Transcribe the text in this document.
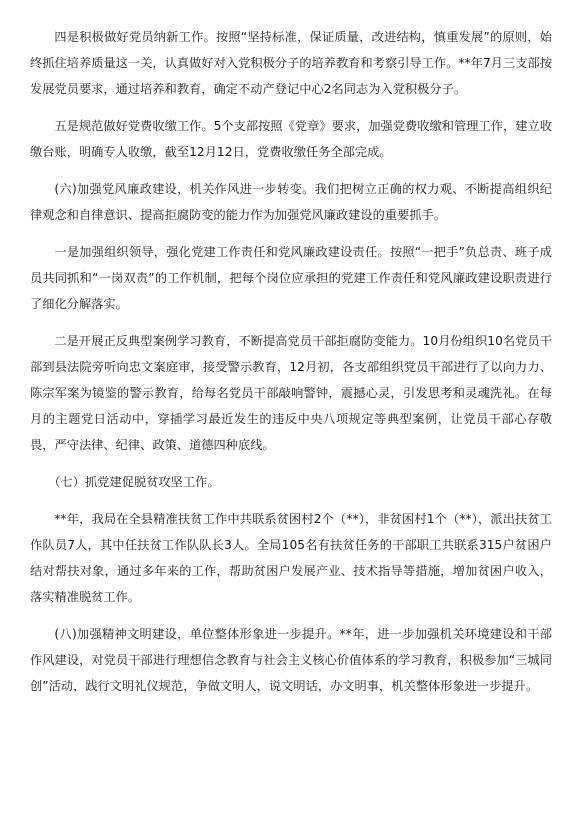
四是积极做好党员纳新工作。按照“坚持标准，保证质量，改进结构，慎重发展”的原则，始终抓住培养质量这一关，认真做好对入党积极分子的培养教育和考察引导工作。**年7月三支部按发展党员要求，通过培养和教育，确定不动产登记中心2名同志为入党积极分子。

五是规范做好党费收缴工作。5个支部按照《党章》要求，加强党费收缴和管理工作，建立收缴台账，明确专人收缴，截至12月12日，党费收缴任务全部完成。

(六)加强党风廉政建设，机关作风进一步转变。我们把树立正确的权力观、不断提高组织纪律观念和自律意识、提高拒腐防变的能力作为加强党风廉政建设的重要抓手。

一是加强组织领导，强化党建工作责任和党风廉政建设责任。按照“一把手”负总责、班子成员共同抓和“一岗双责”的工作机制，把每个岗位应承担的党建工作责任和党风廉政建设职责进行了细化分解落实。

二是开展正反典型案例学习教育，不断提高党员干部拒腐防变能力。10月份组织10名党员干部到县法院旁听向忠文案庭审，接受警示教育，12月初，各支部组织党员干部进行了以向力力、陈宗军案为镜鉴的警示教育，给每名党员干部敲响警钟，震撼心灵，引发思考和灵魂洗礼。在每月的主题党日活动中，穿插学习最近发生的违反中央八项规定等典型案例，让党员干部心存敬畏，严守法律、纪律、政策、道德四种底线。

（七）抓党建促脱贫攻坚工作。

**年，我局在全县精准扶贫工作中共联系贫困村2个（**），非贫困村1个（**），派出扶贫工作队员7人，其中任扶贫工作队队长3人。全局105名有扶贫任务的干部职工共联系315户贫困户结对帮扶对象，通过多年来的工作，帮助贫困户发展产业、技术指导等措施，增加贫困户收入，落实精准脱贫工作。

(八)加强精神文明建设，单位整体形象进一步提升。**年，进一步加强机关环境建设和干部作风建设，对党员干部进行理想信念教育与社会主义核心价值体系的学习教育，积极参加“三城同创”活动，践行文明礼仪规范，争做文明人，说文明话，办文明事，机关整体形象进一步提升。
